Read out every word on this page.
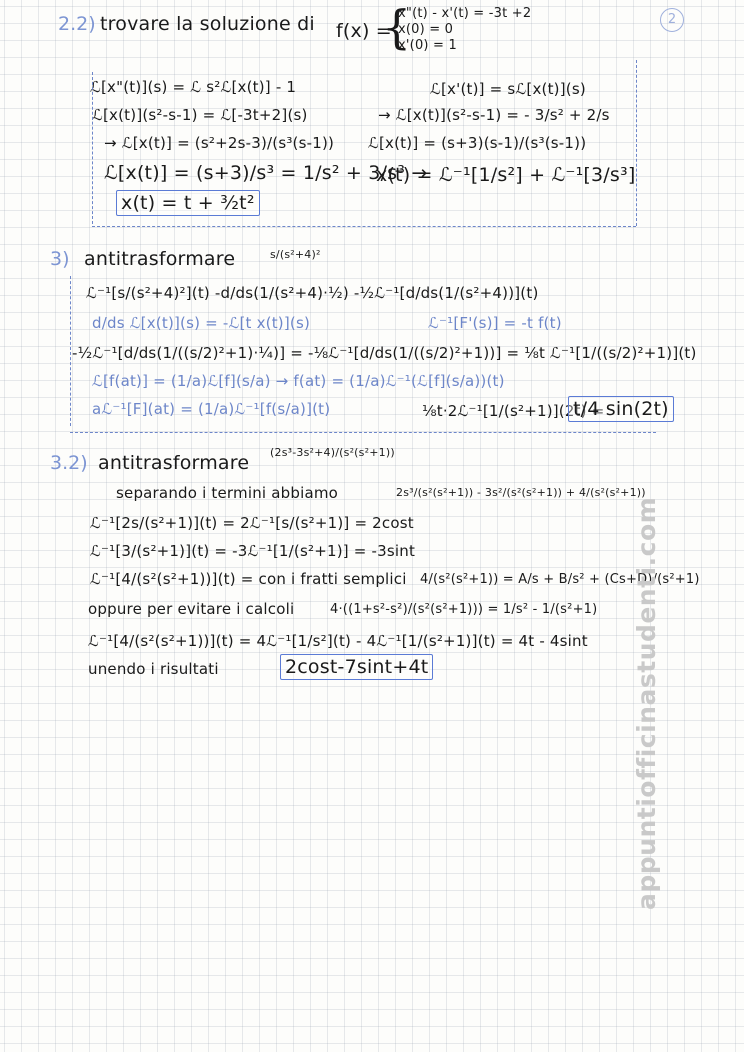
2
2.2) trovare la soluzione di f(x) =
{
x"(t) - x'(t) = -3t +2
x(0) = 0
x'(0) = 1
ℒ[x"(t)](s) = ℒ s²ℒ[x(t)] - 1	ℒ[x'(t)] = sℒ[x(t)](s)
ℒ[x(t)](s²-s-1) = ℒ[-3t+2](s)	→ ℒ[x(t)](s²-s-1) = - 3/s² + 2/s
→ ℒ[x(t)] = (s²+2s-3)/(s³(s-1)) ℒ[x(t)] = (s+3)(s-1)/(s³(s-1))
ℒ[x(t)] = (s+3)/s³ = 1/s² + 3/s³ →
x(t) = ℒ⁻¹[1/s²] + ℒ⁻¹[3/s³]
x(t) = t + ³⁄₂t²
3) antitrasformare	s/(s²+4)²
ℒ⁻¹[s/(s²+4)²](t) -d/ds(1/(s²+4)·½) -½ℒ⁻¹[d/ds(1/(s²+4))](t)
d/ds ℒ[x(t)](s) = -ℒ[t x(t)](s)	ℒ⁻¹[F'(s)] = -t f(t)
-½ℒ⁻¹[d/ds(1/((s/2)²+1)·¼)] = -⅛ℒ⁻¹[d/ds(1/((s/2)²+1))] = ⅛t ℒ⁻¹[1/((s/2)²+1)](t)
ℒ[f(at)] = (1/a)ℒ[f](s/a) → f(at) = (1/a)ℒ⁻¹(ℒ[f](s/a))(t)
aℒ⁻¹[F](at) = (1/a)ℒ⁻¹[f(s/a)](t)	⅛t·2ℒ⁻¹[1/(s²+1)](2t) =
t/4 sin(2t)
3.2) antitrasformare (2s³-3s²+4)/(s²(s²+1))
separando i termini abbiamo	2s³/(s²(s²+1)) - 3s²/(s²(s²+1)) + 4/(s²(s²+1))
ℒ⁻¹[2s/(s²+1)](t) = 2ℒ⁻¹[s/(s²+1)] = 2cost
ℒ⁻¹[3/(s²+1)](t) = -3ℒ⁻¹[1/(s²+1)] = -3sint
ℒ⁻¹[4/(s²(s²+1))](t) = con i fratti semplici 4/(s²(s²+1)) = A/s + B/s² + (Cs+D)/(s²+1)
oppure per evitare i calcoli	4·((1+s²-s²)/(s²(s²+1))) = 1/s² - 1/(s²+1)
ℒ⁻¹[4/(s²(s²+1))](t) = 4ℒ⁻¹[1/s²](t) - 4ℒ⁻¹[1/(s²+1)](t) = 4t - 4sint
unendo i risultati	2cost-7sint+4t	appuntiofficinastudenti.com
